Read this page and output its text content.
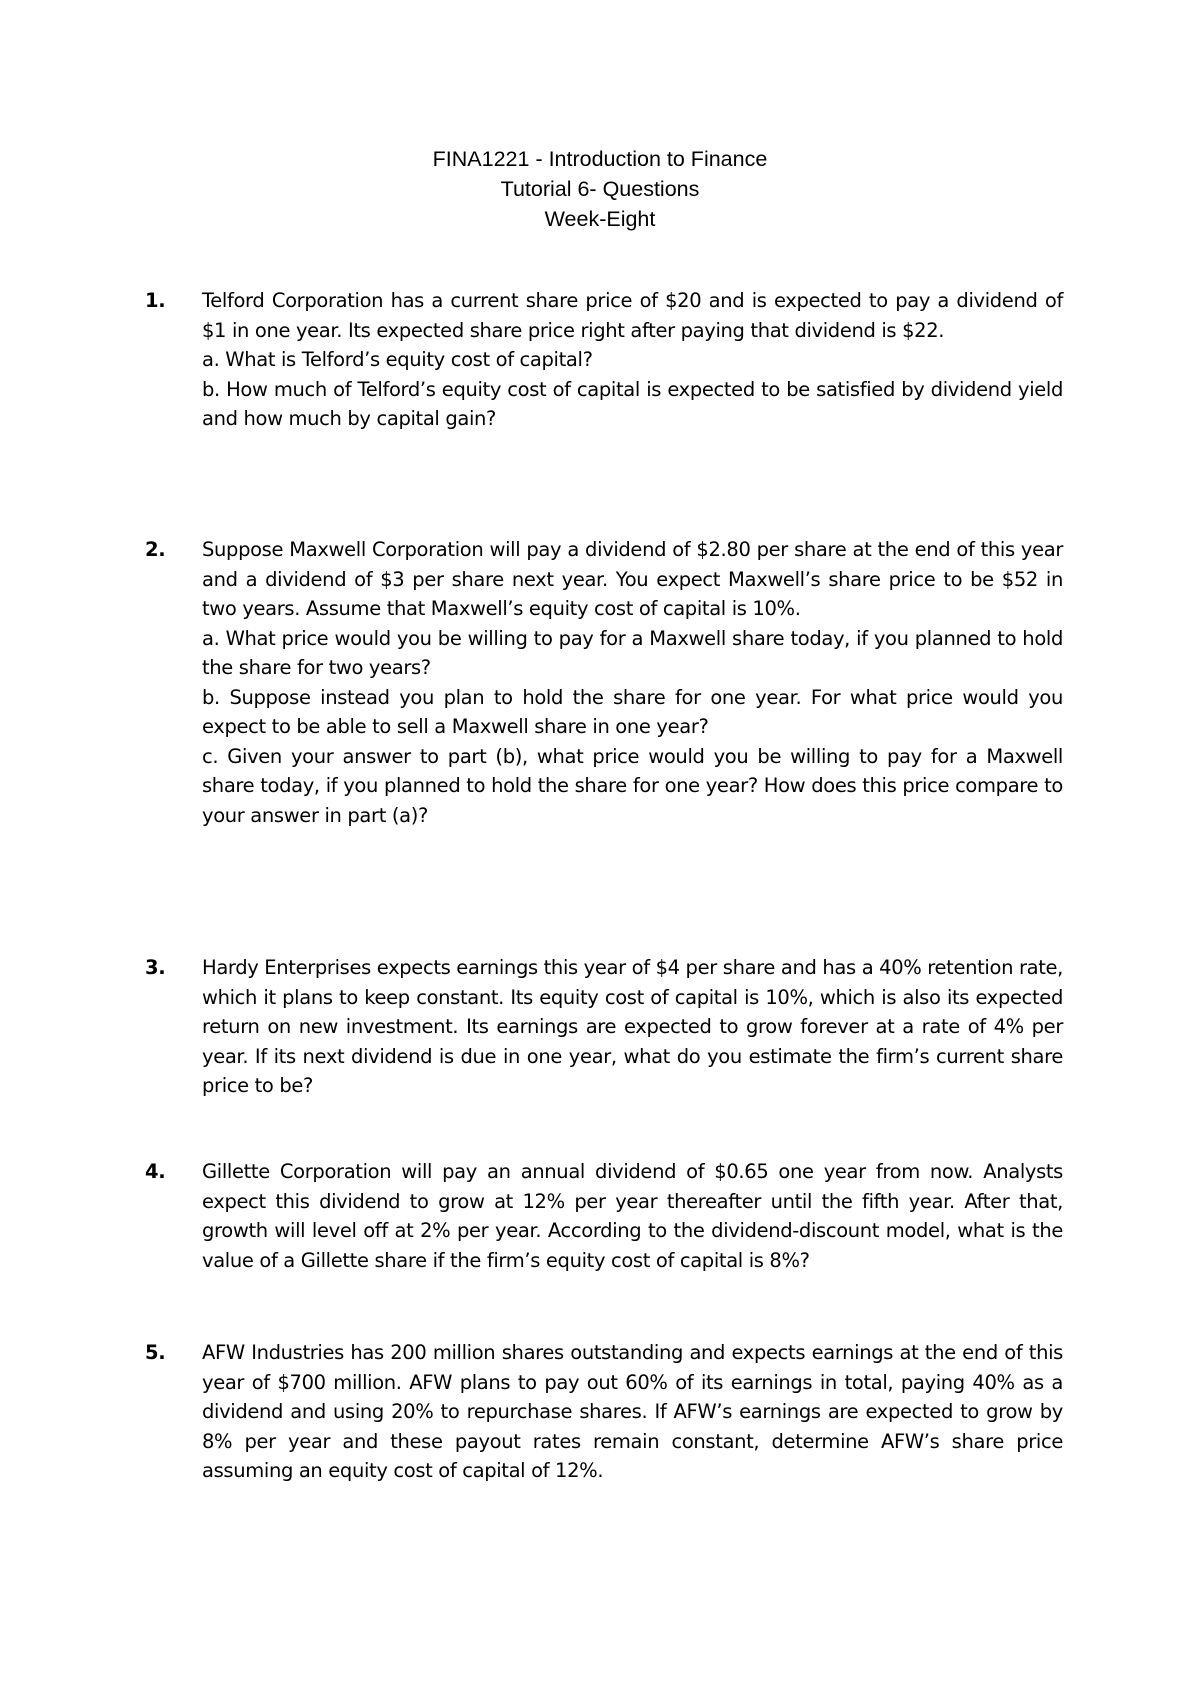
FINA1221 - Introduction to Finance
Tutorial 6- Questions
Week-Eight
1. Telford Corporation has a current share price of $20 and is expected to pay a dividend of $1 in one year. Its expected share price right after paying that dividend is $22.

a. What is Telford’s equity cost of capital?

b. How much of Telford’s equity cost of capital is expected to be satisfied by dividend yield and how much by capital gain?

2. Suppose Maxwell Corporation will pay a dividend of $2.80 per share at the end of this year and a dividend of $3 per share next year. You expect Maxwell’s share price to be $52 in two years. Assume that Maxwell’s equity cost of capital is 10%.

a. What price would you be willing to pay for a Maxwell share today, if you planned to hold the share for two years?

b. Suppose instead you plan to hold the share for one year. For what price would you expect to be able to sell a Maxwell share in one year?

c. Given your answer to part (b), what price would you be willing to pay for a Maxwell share today, if you planned to hold the share for one year? How does this price compare to your answer in part (a)?

3. Hardy Enterprises expects earnings this year of $4 per share and has a 40% retention rate, which it plans to keep constant. Its equity cost of capital is 10%, which is also its expected return on new investment. Its earnings are expected to grow forever at a rate of 4% per year. If its next dividend is due in one year, what do you estimate the firm’s current share price to be?

4. Gillette Corporation will pay an annual dividend of $0.65 one year from now. Analysts expect this dividend to grow at 12% per year thereafter until the fifth year. After that, growth will level off at 2% per year. According to the dividend-discount model, what is the value of a Gillette share if the firm’s equity cost of capital is 8%?

5. AFW Industries has 200 million shares outstanding and expects earnings at the end of this year of $700 million. AFW plans to pay out 60% of its earnings in total, paying 40% as a dividend and using 20% to repurchase shares. If AFW’s earnings are expected to grow by 8% per year and these payout rates remain constant, determine AFW’s share price assuming an equity cost of capital of 12%.
